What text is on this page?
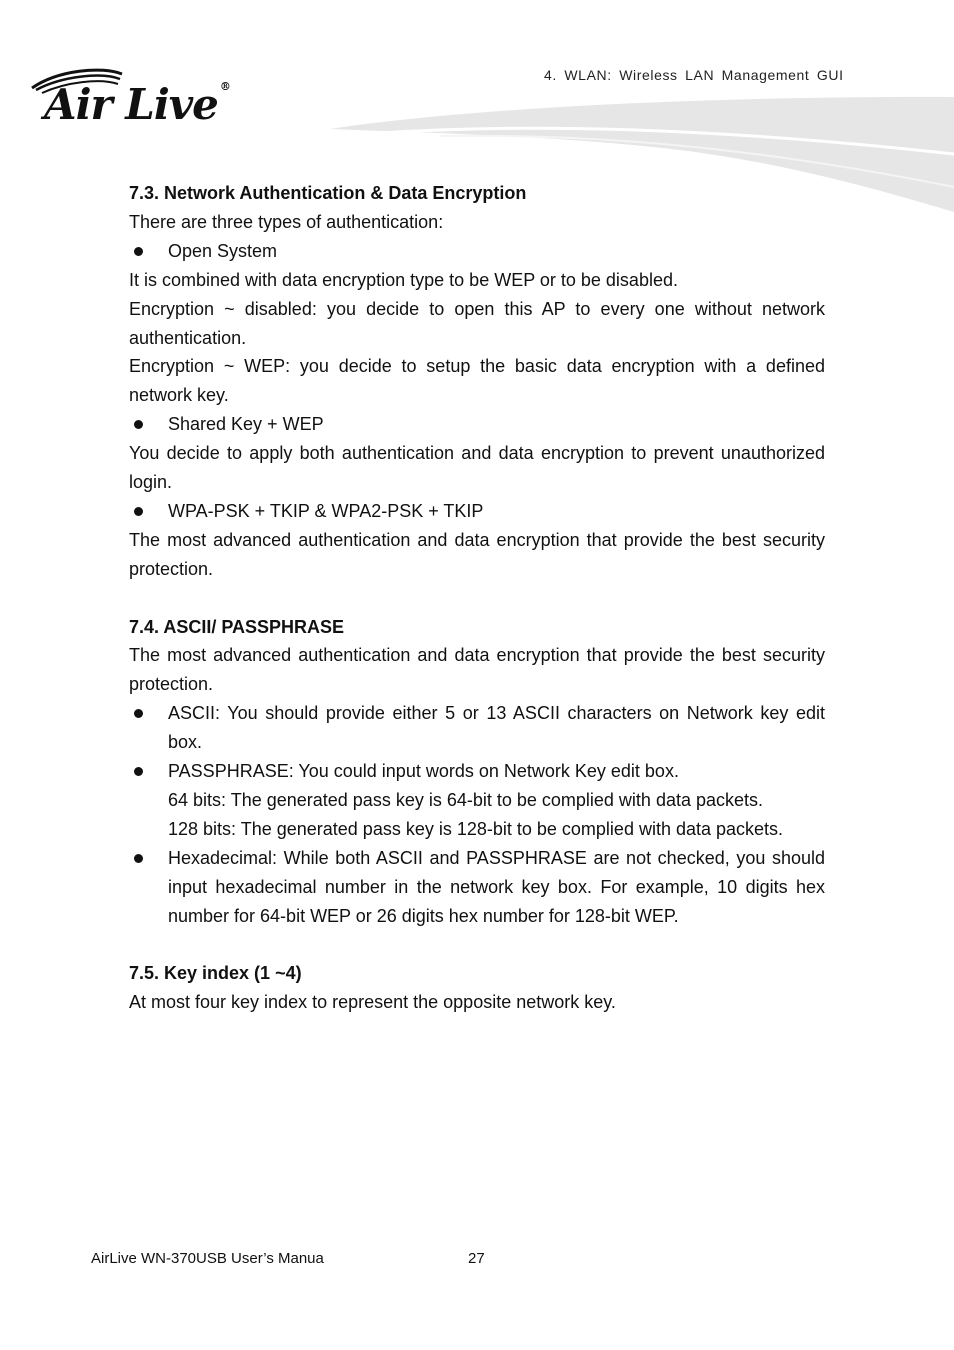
4. WLAN: Wireless LAN Management GUI
Air Live ®

7.3. Network Authentication & Data Encryption

There are three types of authentication:

Open System

It is combined with data encryption type to be WEP or to be disabled.

Encryption ~ disabled: you decide to open this AP to every one without network authentication.

Encryption ~ WEP: you decide to setup the basic data encryption with a defined network key.

Shared Key + WEP

You decide to apply both authentication and data encryption to prevent unauthorized login.

WPA-PSK + TKIP & WPA2-PSK + TKIP

The most advanced authentication and data encryption that provide the best security protection.

7.4. ASCII/ PASSPHRASE

The most advanced authentication and data encryption that provide the best security protection.

ASCII: You should provide either 5 or 13 ASCII characters on Network key edit box.

PASSPHRASE: You could input words on Network Key edit box.

64 bits: The generated pass key is 64-bit to be complied with data packets.

128 bits: The generated pass key is 128-bit to be complied with data packets.

Hexadecimal: While both ASCII and PASSPHRASE are not checked, you should input hexadecimal number in the network key box. For example, 10 digits hex number for 64-bit WEP or 26 digits hex number for 128-bit WEP.

7.5. Key index (1 ~4)

At most four key index to represent the opposite network key.

AirLive WN-370USB User’s Manua	27
